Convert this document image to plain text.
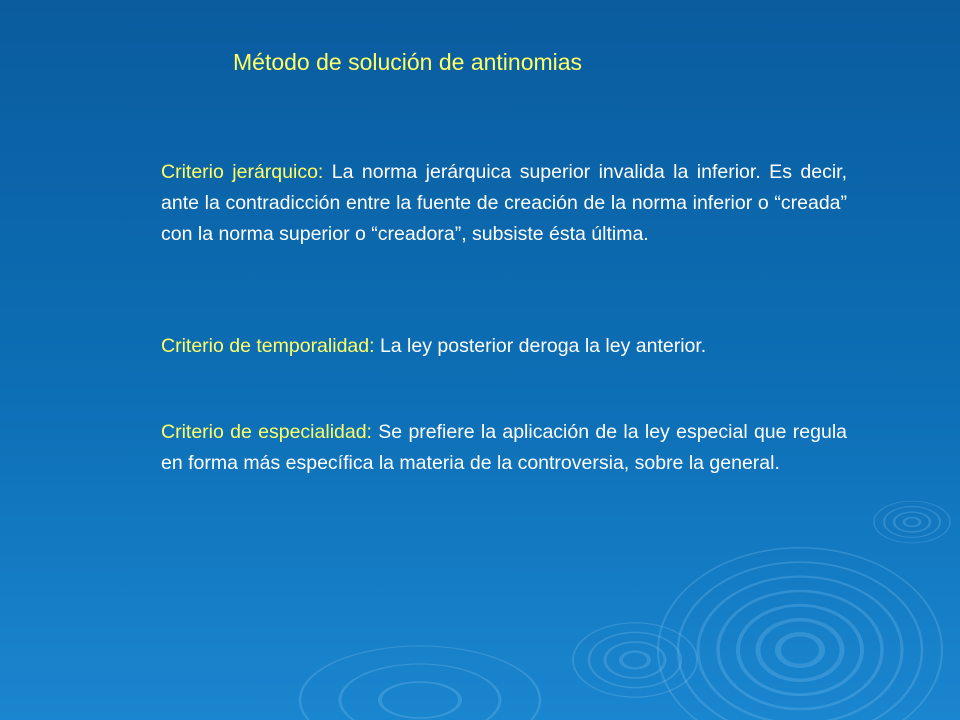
Método de solución de antinomias
Criterio jerárquico: La norma jerárquica superior invalida la inferior. Es decir, ante la contradicción entre la fuente de creación de la norma inferior o “creada” con la norma superior o “creadora”, subsiste ésta última.
Criterio de temporalidad: La ley posterior deroga la ley anterior.
Criterio de especialidad: Se prefiere la aplicación de la ley especial que regula en forma más específica la materia de la controversia, sobre la general.
